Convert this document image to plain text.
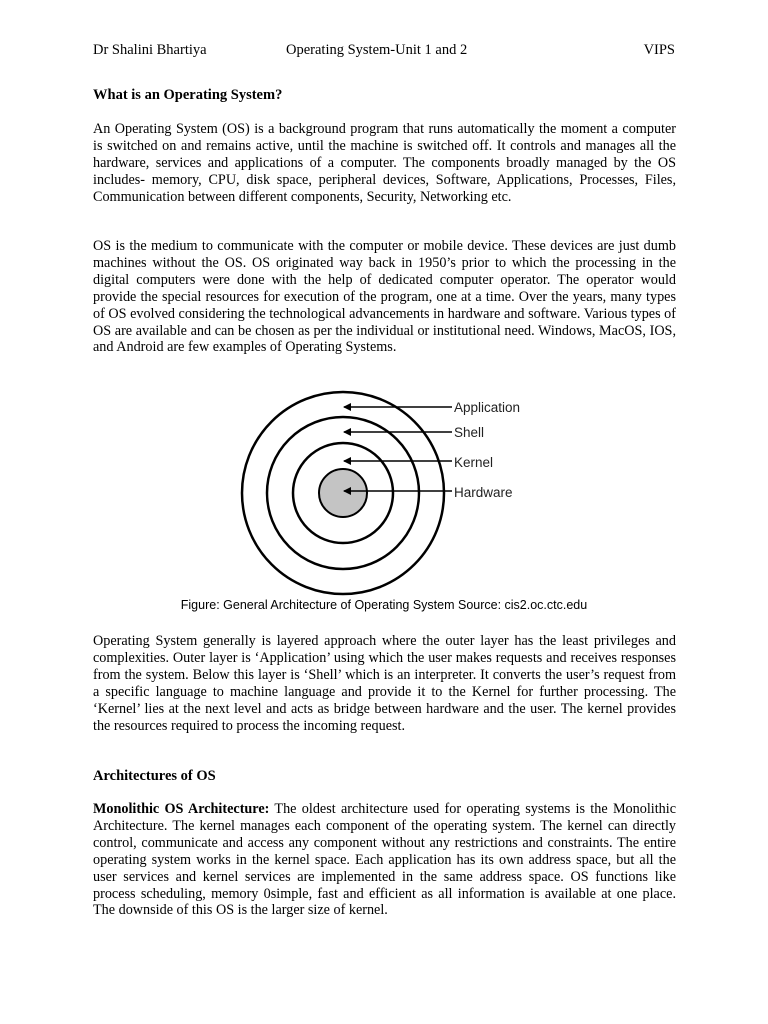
Dr Shalini Bhartiya	Operating System-Unit 1 and 2	VIPS
What is an Operating System?

An Operating System (OS) is a background program that runs automatically the moment a computer is switched on and remains active, until the machine is switched off. It controls and manages all the hardware, services and applications of a computer. The components broadly managed by the OS includes- memory, CPU, disk space, peripheral devices, Software, Applications, Processes, Files, Communication between different components, Security, Networking etc.

OS is the medium to communicate with the computer or mobile device. These devices are just dumb machines without the OS. OS originated way back in 1950’s prior to which the processing in the digital computers were done with the help of dedicated computer operator. The operator would provide the special resources for execution of the program, one at a time. Over the years, many types of OS evolved considering the technological advancements in hardware and software. Various types of OS are available and can be chosen as per the individual or institutional need. Windows, MacOS, IOS, and Android are few examples of Operating Systems.

Application
Shell
Kernel
Hardware
Figure: General Architecture of Operating System Source: cis2.oc.ctc.edu

Operating System generally is layered approach where the outer layer has the least privileges and complexities. Outer layer is ‘Application’ using which the user makes requests and receives responses from the system. Below this layer is ‘Shell’ which is an interpreter. It converts the user’s request from a specific language to machine language and provide it to the Kernel for further processing. The ‘Kernel’ lies at the next level and acts as bridge between hardware and the user. The kernel provides the resources required to process the incoming request.

Architectures of OS

Monolithic OS Architecture: The oldest architecture used for operating systems is the Monolithic Architecture. The kernel manages each component of the operating system. The kernel can directly control, communicate and access any component without any restrictions and constraints. The entire operating system works in the kernel space. Each application has its own address space, but all the user services and kernel services are implemented in the same address space. OS functions like process scheduling, memory 0simple, fast and efficient as all information is available at one place. The downside of this OS is the larger size of kernel.
